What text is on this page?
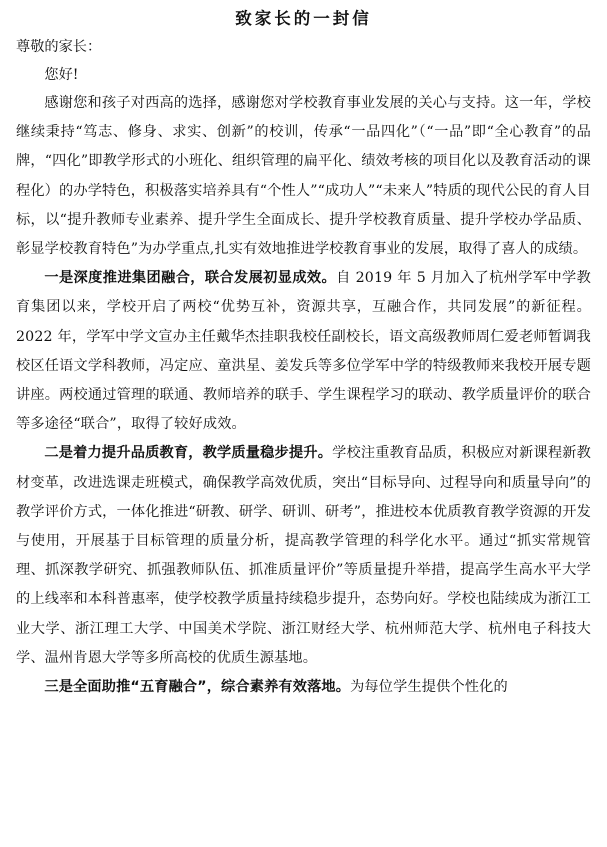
致家长的一封信

尊敬的家长：

您好!

感谢您和孩子对西高的选择，感谢您对学校教育事业发展的关心与支持。这一年，学校继续秉持“笃志、修身、求实、创新”的校训，传承“一品四化”（“一品”即“全心教育”的品牌，“四化”即教学形式的小班化、组织管理的扁平化、绩效考核的项目化以及教育活动的课程化）的办学特色，积极落实培养具有“个性人”“成功人”“未来人”特质的现代公民的育人目标，以“提升教师专业素养、提升学生全面成长、提升学校教育质量、提升学校办学品质、彰显学校教育特色”为办学重点,扎实有效地推进学校教育事业的发展，取得了喜人的成绩。

一是深度推进集团融合，联合发展初显成效。自 2019 年 5 月加入了杭州学军中学教育集团以来，学校开启了两校“优势互补，资源共享，互融合作，共同发展”的新征程。2022 年，学军中学文宣办主任戴华杰挂职我校任副校长，语文高级教师周仁爱老师暂调我校区任语文学科教师，冯定应、童洪星、姜发兵等多位学军中学的特级教师来我校开展专题讲座。两校通过管理的联通、教师培养的联手、学生课程学习的联动、教学质量评价的联合等多途径“联合”，取得了较好成效。

二是着力提升品质教育，教学质量稳步提升。学校注重教育品质，积极应对新课程新教材变革，改进选课走班模式，确保教学高效优质，突出“目标导向、过程导向和质量导向”的教学评价方式，一体化推进“研教、研学、研训、研考”，推进校本优质教育教学资源的开发与使用，开展基于目标管理的质量分析，提高教学管理的科学化水平。通过“抓实常规管理、抓深教学研究、抓强教师队伍、抓准质量评价”等质量提升举措，提高学生高水平大学的上线率和本科普惠率，使学校教学质量持续稳步提升，态势向好。学校也陆续成为浙江工业大学、浙江理工大学、中国美术学院、浙江财经大学、杭州师范大学、杭州电子科技大学、温州肯恩大学等多所高校的优质生源基地。

三是全面助推“五育融合”，综合素养有效落地。为每位学生提供个性化的
